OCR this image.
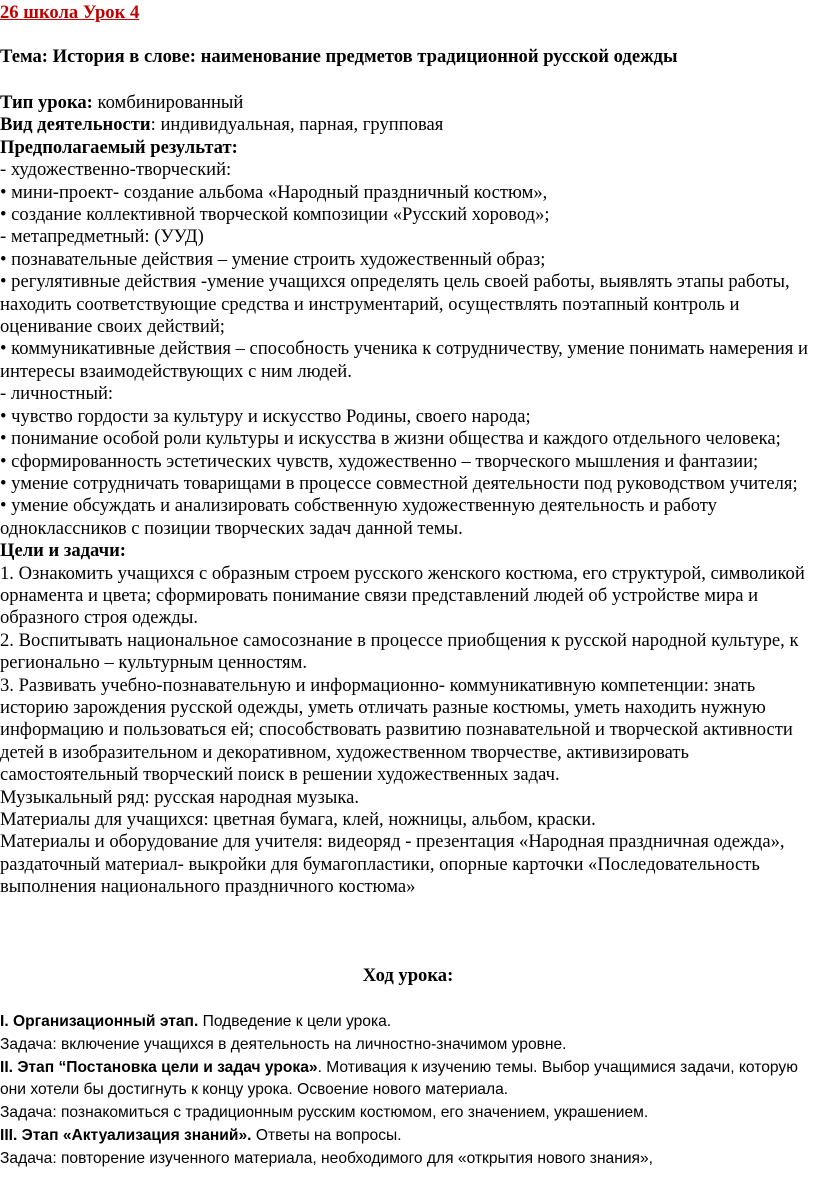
26 школа Урок 4

Тема: История в слове: наименование предметов традиционной русской одежды

Тип урока: комбинированный

Вид деятельности: индивидуальная, парная, групповая

Предполагаемый результат:

- художественно-творческий:

• мини-проект- создание альбома «Народный праздничный костюм»,

• создание коллективной творческой композиции «Русский хоровод»;

- метапредметный: (УУД)

• познавательные действия – умение строить художественный образ;

• регулятивные действия -умение учащихся определять цель своей работы, выявлять этапы работы, находить соответствующие средства и инструментарий, осуществлять поэтапный контроль и оценивание своих действий;

• коммуникативные действия – способность ученика к сотрудничеству, умение понимать намерения и интересы взаимодействующих с ним людей.

- личностный:

• чувство гордости за культуру и искусство Родины, своего народа;

• понимание особой роли культуры и искусства в жизни общества и каждого отдельного человека;

• сформированность эстетических чувств, художественно – творческого мышления и фантазии;

• умение сотрудничать товарищами в процессе совместной деятельности под руководством учителя;

• умение обсуждать и анализировать собственную художественную деятельность и работу одноклассников с позиции творческих задач данной темы.

Цели и задачи:

1. Ознакомить учащихся с образным строем русского женского костюма, его структурой, символикой орнамента и цвета; сформировать понимание связи представлений людей об устройстве мира и образного строя одежды.

2. Воспитывать национальное самосознание в процессе приобщения к русской народной культуре, к регионально – культурным ценностям.

3. Развивать учебно-познавательную и информационно- коммуникативную компетенции: знать историю зарождения русской одежды, уметь отличать разные костюмы, уметь находить нужную информацию и пользоваться ей; способствовать развитию познавательной и творческой активности детей в изобразительном и декоративном, художественном творчестве, активизировать самостоятельный творческий поиск в решении художественных задач.

Музыкальный ряд: русская народная музыка.

Материалы для учащихся: цветная бумага, клей, ножницы, альбом, краски.

Материалы и оборудование для учителя: видеоряд - презентация «Народная праздничная одежда», раздаточный материал- выкройки для бумагопластики, опорные карточки «Последовательность выполнения национального праздничного костюма»

Ход урока:

I. Организационный этап. Подведение к цели урока.

Задача: включение учащихся в деятельность на личностно-значимом уровне.

II. Этап “Постановка цели и задач урока». Мотивация к изучению темы. Выбор учащимися задачи, которую они хотели бы достигнуть к концу урока. Освоение нового материала.

Задача: познакомиться с традиционным русским костюмом, его значением, украшением.

III. Этап «Актуализация знаний». Ответы на вопросы.

Задача: повторение изученного материала, необходимого для «открытия нового знания»,
